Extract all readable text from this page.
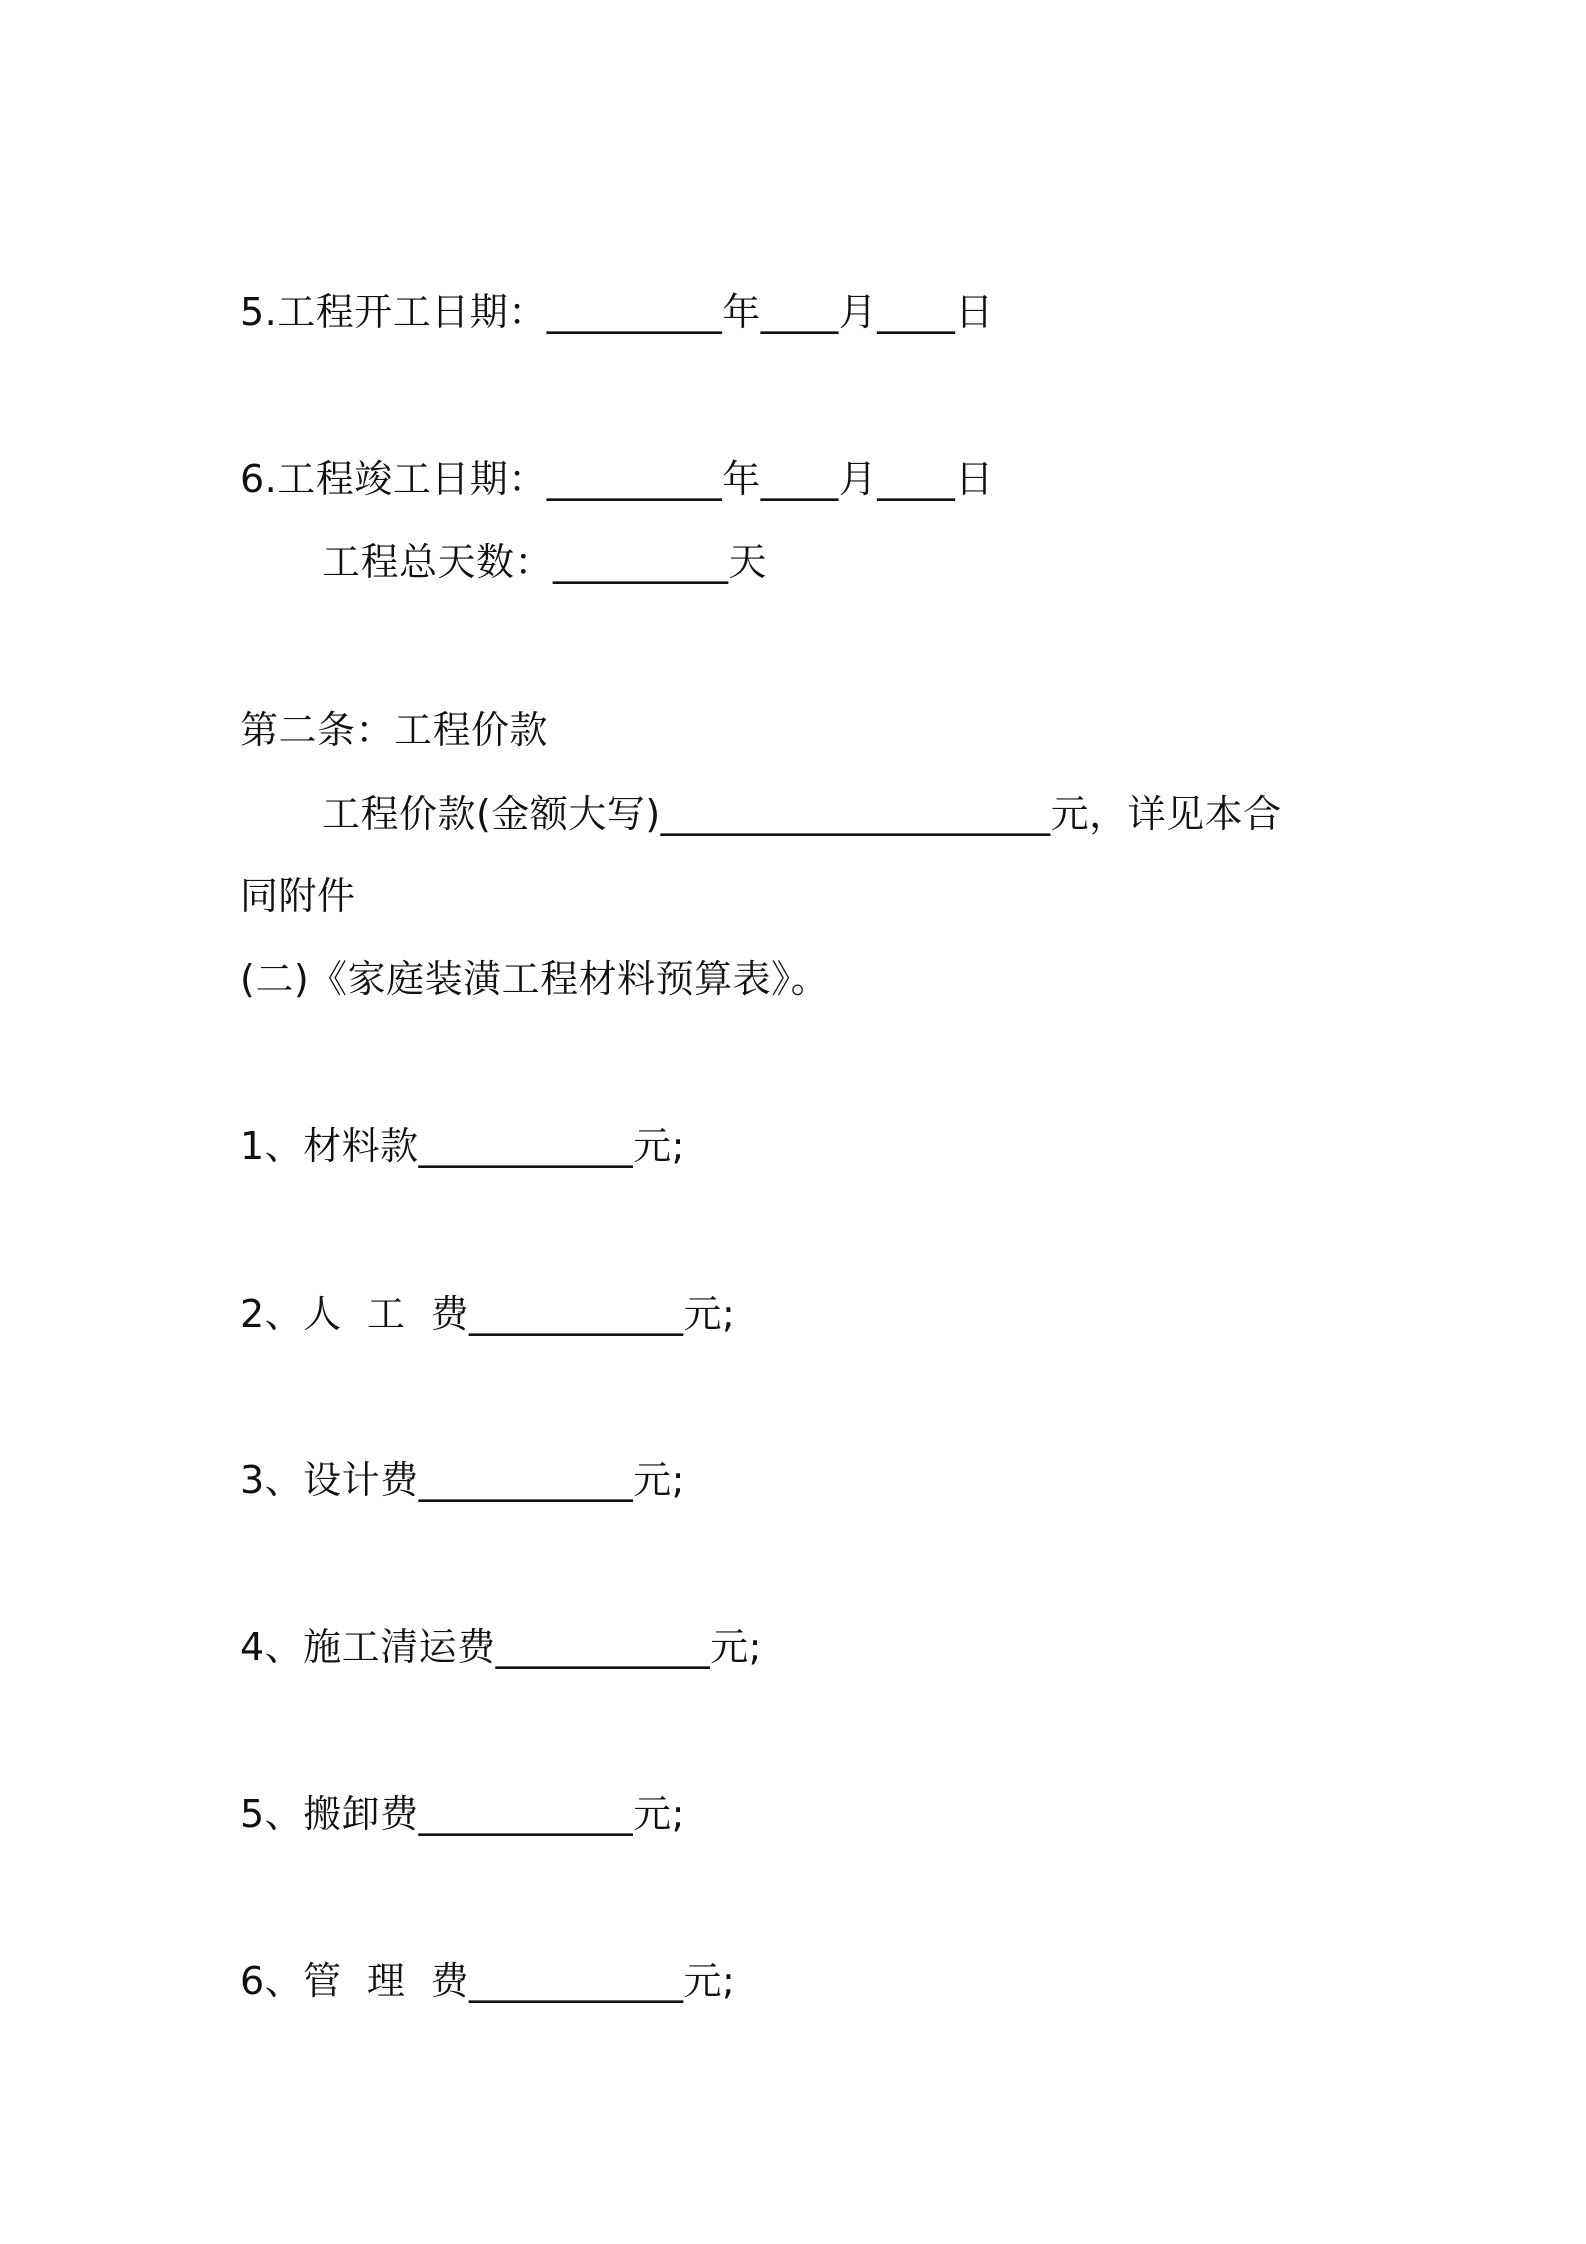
5.工程开工日期：_________年____月____日
6.工程竣工日期：_________年____月____日
工程总天数：_________天
第二条：工程价款
工程价款(金额大写)____________________元，详见本合
同附件
(二)《家庭装潢工程材料预算表》。
1、材料款___________元;
2、人  工  费___________元;
3、设计费___________元;
4、施工清运费___________元;
5、搬卸费___________元;
6、管  理  费___________元;
